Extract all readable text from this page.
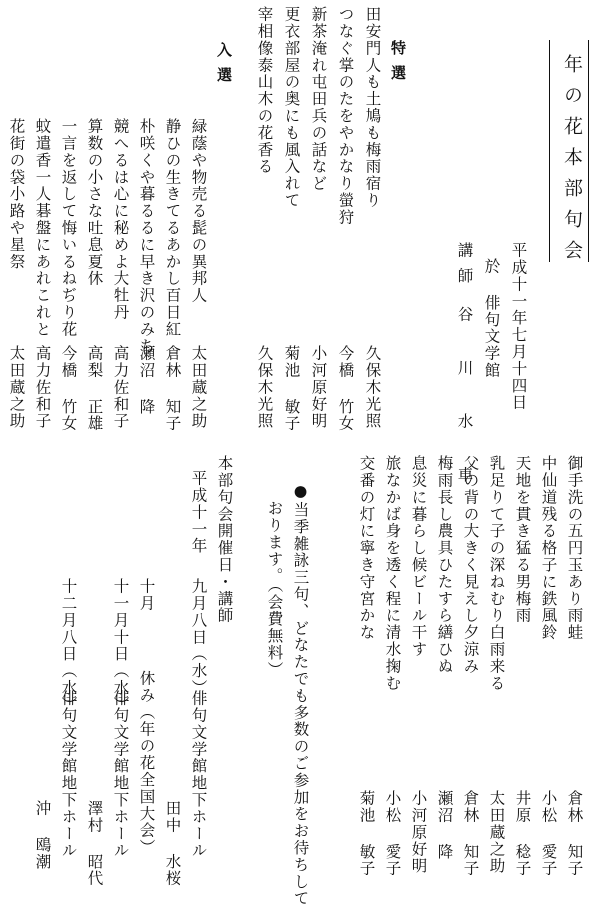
年の花本部句会
平成十一年七月十四日
於 俳句文学館
講師
谷 川 水 車
特選
田安門人も土鳩も梅雨宿り
つなぐ掌のたをやかなり螢狩
新茶淹れ屯田兵の話など
更衣部屋の奥にも風入れて
宰相像泰山木の花香る
久保木光照
今橋 竹女
小河原好明
菊池 敏子
久保木光照
入選
緑蔭や物売る髭の異邦人
静ひの生きてるあかし百日紅
朴咲くや暮るるに早き沢のみち
競へるは心に秘めよ大牡丹
算数の小さな吐息夏休
一言を返して悔いるねぢり花
蚊遣香一人碁盤にあれこれと
花街の袋小路や星祭
太田蔵之助
倉林 知子
瀬沼 降
高力佐和子
高梨 正雄
今橋 竹女
高力佐和子
太田蔵之助
御手洗の五円玉あり雨蛙
中仙道残る格子に鉄風鈴
天地を貫き猛る男梅雨
乳足りて子の深ねむり白雨来る
父の背の大きく見えし夕涼み
梅雨長し農具ひたすら繕ひぬ
息災に暮らし候ビール干す
旅なかば身を透く程に清水掬む
交番の灯に寧き守宮かな
倉林 知子
小松 愛子
井原 稔子
太田蔵之助
倉林 知子
瀬沼 降
小河原好明
小松 愛子
菊池 敏子
●当季雑詠三句、どなたでも多数のご参加をお待ちして
おります。（会費無料）
本部句会開催日・講師
平成十一年
九月八日（水）
俳句文学館地下ホール
田中 水桜
十月
休み（年の花全国大会）
十一月十日（水）
俳句文学館地下ホール
澤村 昭代
十二月八日（水）
俳句文学館地下ホール
沖 鴎潮
